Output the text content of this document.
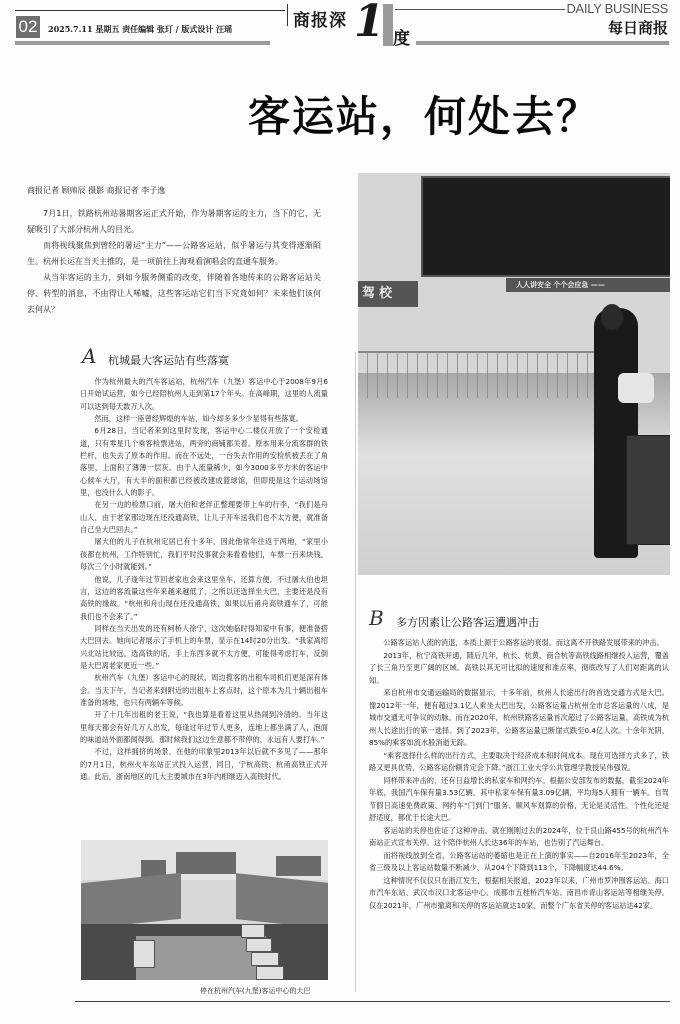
02	2025.7.11 星期五 责任编辑 张玎 / 版式设计 汪瑶	商报深 1 度
DAILY BUSINESS
每日商报
客运站，何处去？
商报记者 顾帅辰 摄影 商报记者 李子逸

7月1日，铁路杭州站暑期客运正式开始，作为暑期客运的主力，当下的它，无疑吸引了大部分杭州人的目光。

而将视线聚焦到曾经的暑运“主力”——公路客运站，似乎暑运与其变得逐渐陌生。杭州长运在当天主推的，是一项前往上海观看演唱会的直通车服务。

从当年客运的主力，到如今服务侧重的改变，伴随着各地传来的公路客运站关停、转型的消息，不由得让人唏嘘，这些客运站它们当下究竟如何？未来他们该何去何从？

驾校
人人讲安全 个个会应急 ——
A 杭城最大客运站有些落寞

作为杭州最大的汽车客运站，杭州汽车（九堡）客运中心于2008年9月6日开始试运营，如今已经陪杭州人走到第17个年头。在高峰期，这里的人流量可以达到每天数万人次。

然而，这样一座曾经辉煌的车站，如今却多多少少显得有些落寞。

6月28日，当记者来到这里时发现，客运中心二楼仅开放了一个安检通道，只有零星几个乘客检票进站，两旁的商铺都关着。原本用来分流客群的铁栏杆，也失去了原本的作用。而在不远处，一台失去作用的安检机被丢在了角落里，上面积了薄薄一层灰。由于人流量稀少，如今3000多平方米的客运中心候车大厅，有大半的面积都已经被改建成篮球馆，但即使是这个运动场馆里，也没什么人的影子。

在另一边的检票口前，屠大伯和老伴正整理要带上车的行李，“我们是舟山人，由于老家那边现在还没通高铁，让儿子开车送我们也不太方便，就准备自己坐大巴回去。”

屠大伯的儿子在杭州定居已有十多年，因此他常年往返于两地，“家里小孩都在杭州，工作特别忙，我们平时没事就会来看看他们，车票一百来块钱，每次三个小时就能到。”

他说，儿子逢年过节回老家也会来这里坐车，还算方便。不过屠大伯也坦言，这边的客流量这些年来越来越低了，之所以还选择坐大巴，主要还是没有高铁的缘故。“杭州和舟山现在还没通高铁，如果以后甬舟高铁通车了，可能我们也不会来了。”

同样在当天出发的还有柯桥人徐宁，这次她临时得知家中有事，便准备搭大巴回去。她向记者展示了手机上的车票，显示在14时20分出发。“我家离绍兴北站比较远，选高铁的话，手上东西多就不太方便，可能得考虑打车，反倒是大巴离老家更近一些。”

杭州汽车（九堡）客运中心的现状，周边揽客的出租车司机们更是深有体会。当天下午，当记者来到附近的出租车上客点时，这个原本为几十辆出租车准备的场地，也只有两辆车等候。

开了十几年出租的老王说，“我也算是看着这里从热闹到冷清的。当年这里每天都会有好几万人出发，每逢过年过节人更多，连地上都坐满了人，泡面的味道站外面都闻得到。那时候我们这边生意都不带停的，永远有人要打车。”

不过，这样拥挤的场景，在他的印象里2013年以后就不多见了——那年的7月1日，杭州火车东站正式投入运营，同日，宁杭高铁、杭甬高铁正式开通。此后，浙南地区的几大主要城市在3年内相继迈入高铁时代。

停在杭州汽车(九堡)客运中心的大巴
B 多方因素让公路客运遭遇冲击

公路客运站人流的消退，本质上源于公路客运的衰弱。而这离不开铁路发展带来的冲击。

2013年，杭宁高铁开通，随后几年，杭长、杭黄、商合杭等高铁线路相继投入运营，覆盖了长三角乃至更广阔的区域。高铁以其无可比拟的速度和准点率，彻底改写了人们对距离的认知。

来自杭州市交通运输局的数据显示，十多年前，杭州人长途出行的首选交通方式是大巴。像2012年一年，便有超过3.1亿人乘坐大巴出发，公路客运量占杭州全市总客运量的八成，是城市交通无可争议的动脉。而在2020年，杭州铁路客运量首次超过了公路客运量，高铁成为杭州人长途出行的第一选择。到了2023年，公路客运量已断崖式跌至0.4亿人次。十余年光阴，85%的乘客如流水般消逝无踪。

“乘客选择什么样的出行方式，主要取决于经济成本和时间成本。现在可选择方式多了，铁路又更具优势，公路客运份额肯定会下降。”浙江工业大学公共管理学教授吴伟强说。

同样带来冲击的，还有日益增长的私家车和网约车。根据公安部发布的数据，截至2024年年底，我国汽车保有量3.53亿辆，其中私家车保有量3.09亿辆，平均每5人拥有一辆车。自驾节假日高速免费政策、网约车“门到门”服务、顺风车划算的价格，无论是灵活性、个性化还是舒适度，都优于长途大巴。

客运站的关停也佐证了这种冲击。就在刚刚过去的2024年，位于艮山路455号的杭州汽车南站正式宣布关停。这个陪伴杭州人长达36年的车站，也告别了汽运舞台。

而将视线放到全省，公路客运站的萎缩也是正在上演的事实——自2016年至2023年，全省三级及以上客运站数量不断减少，从204个下降到113个，下降幅度达44.6%。

这种情况不仅仅只在浙江发生，根据相关报道，2023年以来，广州市罗冲围客运站、海口市汽车东站、武汉市汉口北客运中心、成都市五桂桥汽车站、南昌市青山客运站等相继关停。仅在2021年，广州市撤离和关停的客运站就达10家，而整个广东省关停的客运站达42家。
